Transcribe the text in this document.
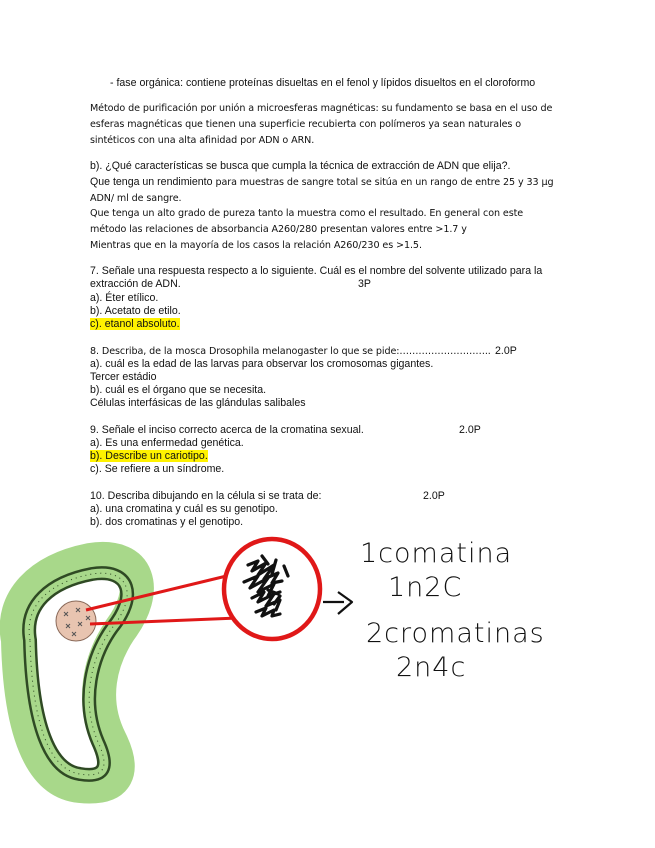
- fase orgánica: contiene proteínas disueltas en el fenol y lípidos disueltos en el cloroformo
Método de purificación por unión a microesferas magnéticas: su fundamento se basa en el uso de
esferas magnéticas que tienen una superficie recubierta con polímeros ya sean naturales o
sintéticos con una alta afinidad por ADN o ARN.
b). ¿Qué características se busca que cumpla la técnica de extracción de ADN que elija?.
Que tenga un rendimiento para muestras de sangre total se sitúa en un rango de entre 25 y 33 µg
ADN/ ml de sangre.
Que tenga un alto grado de pureza tanto la muestra como el resultado. En general con este
método las relaciones de absorbancia A260/280 presentan valores entre >1.7 y
Mientras que en la mayoría de los casos la relación A260/230 es >1.5.
7. Señale una respuesta respecto a lo siguiente. Cuál es el nombre del solvente utilizado para la
extracción de ADN.	3P
a). Éter etílico.
b). Acetato de etilo.
c). etanol absoluto.
8. Describa, de la mosca Drosophila melanogaster lo que se pide:……………………….. 2.0P
a). cuál es la edad de las larvas para observar los cromosomas gigantes.
Tercer estádio
b). cuál es el órgano que se necesita.
Células interfásicas de las glándulas salibales
9. Señale el inciso correcto acerca de la cromatina sexual.	2.0P
a). Es una enfermedad genética.
b). Describe un cariotipo.
c). Se refiere a un síndrome.
10. Describa dibujando en la célula si se trata de:	2.0P
a). una cromatina y cuál es su genotipo.
b). dos cromatinas y el genotipo.
1comatina
1n2C
2cromatinas
2n4c
